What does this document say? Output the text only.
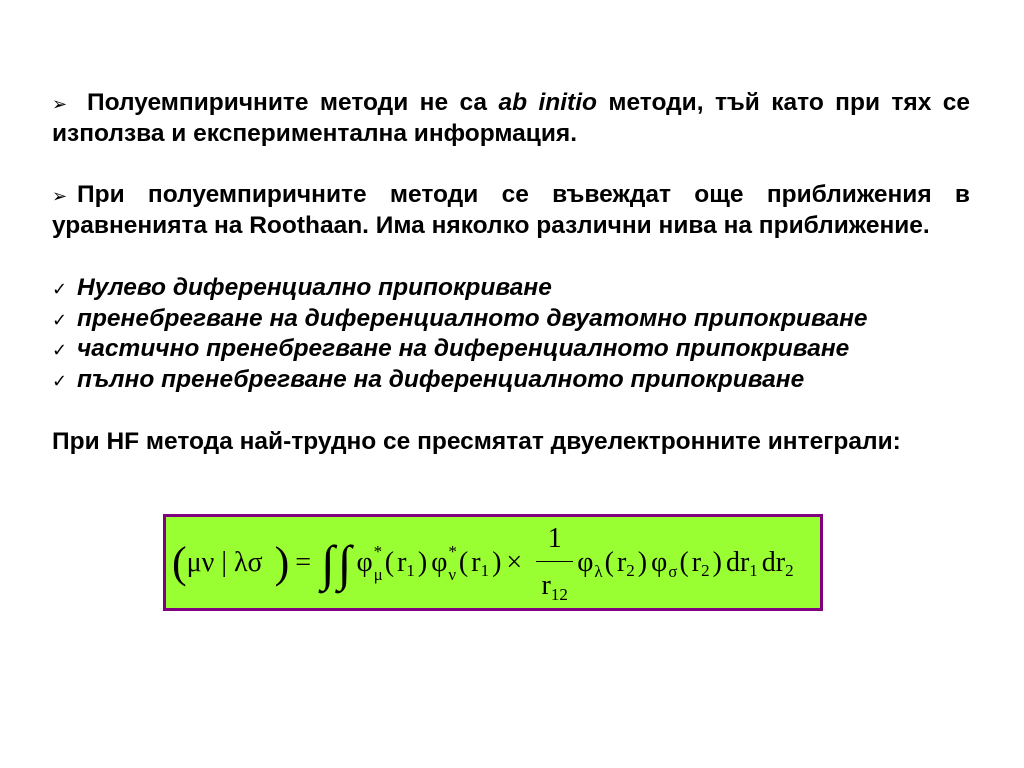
➢ Полуемпиричните методи не са ab initio методи, тъй като при тях се
използва и експериментална информация.
➢ При полуемпиричните методи се въвеждат още приближения в
уравненията на Roothaan. Има няколко различни нива на приближение.
✓ Нулево диференциално припокриване
✓ пренебрегване на диференциалното двуатомно припокриване
✓ частично пренебрегване на диференциалното припокриване
✓ пълно пренебрегване на диференциалното припокриване
При HF метода най-трудно се пресмятат двуелектронните интеграли:
( μν | λσ ) = ∫∫ φ *
μ ( r 1 ) φ *
ν ( r 1 ) × $\frac{1}{r 12}$ φ λ ( r 2 ) φ σ ( r 2 ) dr 1 dr 2
